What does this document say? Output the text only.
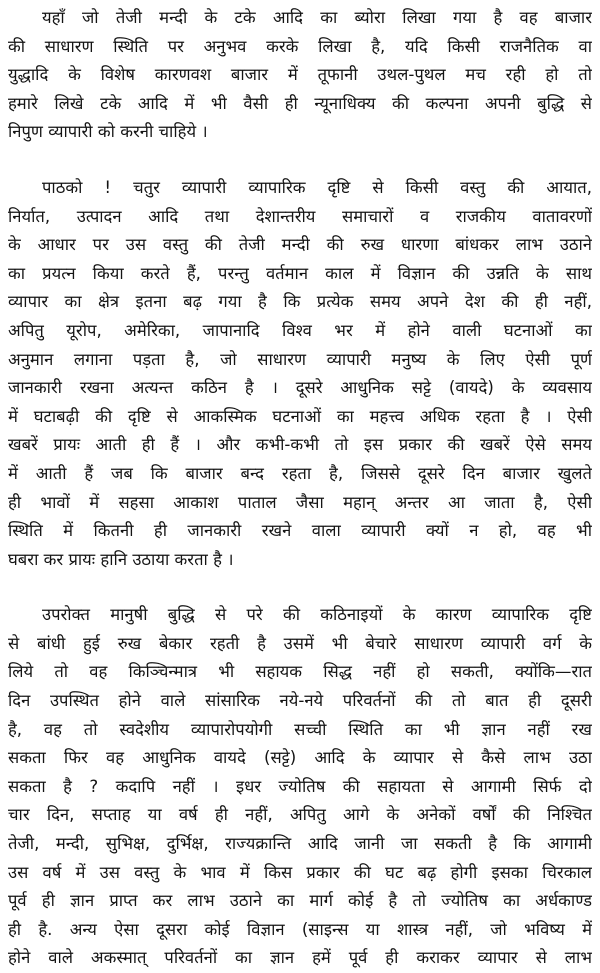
यहाँ जो तेजी मन्दी के टके आदि का ब्योरा लिखा गया है वह बाजार
की साधारण स्थिति पर अनुभव करके लिखा है, यदि किसी राजनैतिक वा
युद्धादि के विशेष कारणवश बाजार में तूफानी उथल-पुथल मच रही हो तो
हमारे लिखे टके आदि में भी वैसी ही न्यूनाधिक्य की कल्पना अपनी बुद्धि से
निपुण व्यापारी को करनी चाहिये ।
पाठको ! चतुर व्यापारी व्यापारिक दृष्टि से किसी वस्तु की आयात,
निर्यात, उत्पादन आदि तथा देशान्तरीय समाचारों व राजकीय वातावरणों
के आधार पर उस वस्तु की तेजी मन्दी की रुख धारणा बांधकर लाभ उठाने
का प्रयत्न किया करते हैं, परन्तु वर्तमान काल में विज्ञान की उन्नति के साथ
व्यापार का क्षेत्र इतना बढ़ गया है कि प्रत्येक समय अपने देश की ही नहीं,
अपितु यूरोप, अमेरिका, जापानादि विश्व भर में होने वाली घटनाओं का
अनुमान लगाना पड़ता है, जो साधारण व्यापारी मनुष्य के लिए ऐसी पूर्ण
जानकारी रखना अत्यन्त कठिन है । दूसरे आधुनिक सट्टे (वायदे) के व्यवसाय
में घटाबढ़ी की दृष्टि से आकस्मिक घटनाओं का महत्त्व अधिक रहता है । ऐसी
खबरें प्रायः आती ही हैं । और कभी-कभी तो इस प्रकार की खबरें ऐसे समय
में आती हैं जब कि बाजार बन्द रहता है, जिससे दूसरे दिन बाजार खुलते
ही भावों में सहसा आकाश पाताल जैसा महान् अन्तर आ जाता है, ऐसी
स्थिति में कितनी ही जानकारी रखने वाला व्यापारी क्यों न हो, वह भी
घबरा कर प्रायः हानि उठाया करता है ।
उपरोक्त मानुषी बुद्धि से परे की कठिनाइयों के कारण व्यापारिक दृष्टि
से बांधी हुई रुख बेकार रहती है उसमें भी बेचारे साधारण व्यापारी वर्ग के
लिये तो वह किञ्चिन्मात्र भी सहायक सिद्ध नहीं हो सकती, क्योंकि—रात
दिन उपस्थित होने वाले सांसारिक नये-नये परिवर्तनों की तो बात ही दूसरी
है, वह तो स्वदेशीय व्यापारोपयोगी सच्ची स्थिति का भी ज्ञान नहीं रख
सकता फिर वह आधुनिक वायदे (सट्टे) आदि के व्यापार से कैसे लाभ उठा
सकता है ? कदापि नहीं । इधर ज्योतिष की सहायता से आगामी सिर्फ दो
चार दिन, सप्ताह या वर्ष ही नहीं, अपितु आगे के अनेकों वर्षों की निश्चित
तेजी, मन्दी, सुभिक्ष, दुर्भिक्ष, राज्यक्रान्ति आदि जानी जा सकती है कि आगामी
उस वर्ष में उस वस्तु के भाव में किस प्रकार की घट बढ़ होगी इसका चिरकाल
पूर्व ही ज्ञान प्राप्त कर लाभ उठाने का मार्ग कोई है तो ज्योतिष का अर्धकाण्ड
ही है. अन्य ऐसा दूसरा कोई विज्ञान (साइन्स या शास्त्र नहीं, जो भविष्य में
होने वाले अकस्मात् परिवर्तनों का ज्ञान हमें पूर्व ही कराकर व्यापार से लाभ
